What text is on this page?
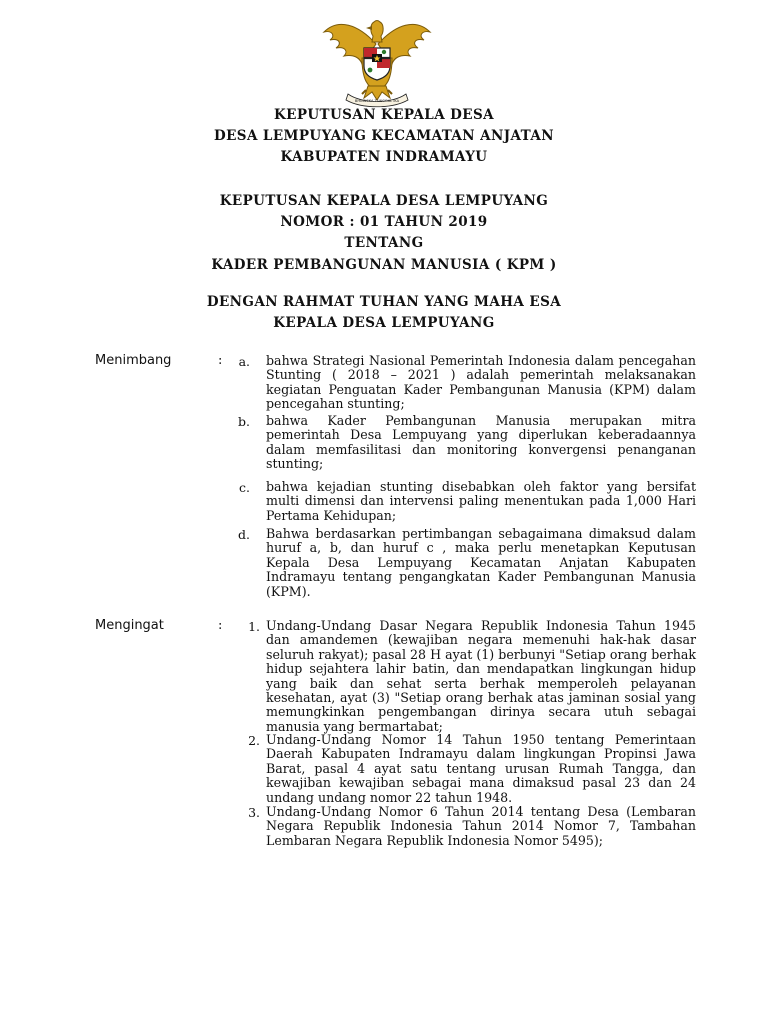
BHINNEKA TUNGGAL IKA
KEPUTUSAN KEPALA DESA
DESA LEMPUYANG KECAMATAN ANJATAN
KABUPATEN INDRAMAYU
KEPUTUSAN KEPALA DESA LEMPUYANG
NOMOR : 01 TAHUN 2019
TENTANG
KADER PEMBANGUNAN MANUSIA ( KPM )
DENGAN RAHMAT TUHAN YANG MAHA ESA
KEPALA DESA LEMPUYANG
Menimbang	:	a. bahwa Strategi Nasional Pemerintah Indonesia dalam pencegahan Stunting ( 2018 – 2021 ) adalah pemerintah melaksanakan kegiatan Penguatan Kader Pembangunan Manusia (KPM) dalam pencegahan stunting;
b. bahwa Kader Pembangunan Manusia merupakan mitra pemerintah Desa Lempuyang yang diperlukan keberadaannya dalam memfasilitasi dan monitoring konvergensi penanganan stunting;
c. bahwa kejadian stunting disebabkan oleh faktor yang bersifat multi dimensi dan intervensi paling menentukan pada 1,000 Hari Pertama Kehidupan;
d. Bahwa berdasarkan pertimbangan sebagaimana dimaksud dalam huruf a, b, dan huruf c , maka perlu menetapkan Keputusan Kepala Desa Lempuyang Kecamatan Anjatan Kabupaten Indramayu tentang pengangkatan Kader Pembangunan Manusia (KPM).
Mengingat	:	1. Undang-Undang Dasar Negara Republik Indonesia Tahun 1945 dan amandemen (kewajiban negara memenuhi hak-hak dasar seluruh rakyat); pasal 28 H ayat (1) berbunyi "Setiap orang berhak hidup sejahtera lahir batin, dan mendapatkan lingkungan hidup yang baik dan sehat serta berhak memperoleh pelayanan kesehatan, ayat (3) "Setiap orang berhak atas jaminan sosial yang memungkinkan pengembangan dirinya secara utuh sebagai manusia yang bermartabat;
2. Undang-Undang Nomor 14 Tahun 1950 tentang Pemerintaan Daerah Kabupaten Indramayu dalam lingkungan Propinsi Jawa Barat, pasal 4 ayat satu tentang urusan Rumah Tangga, dan kewajiban kewajiban sebagai mana dimaksud pasal 23 dan 24 undang undang nomor 22 tahun 1948.
3. Undang-Undang Nomor 6 Tahun 2014 tentang Desa (Lembaran Negara Republik Indonesia Tahun 2014 Nomor 7, Tambahan Lembaran Negara Republik Indonesia Nomor 5495);
